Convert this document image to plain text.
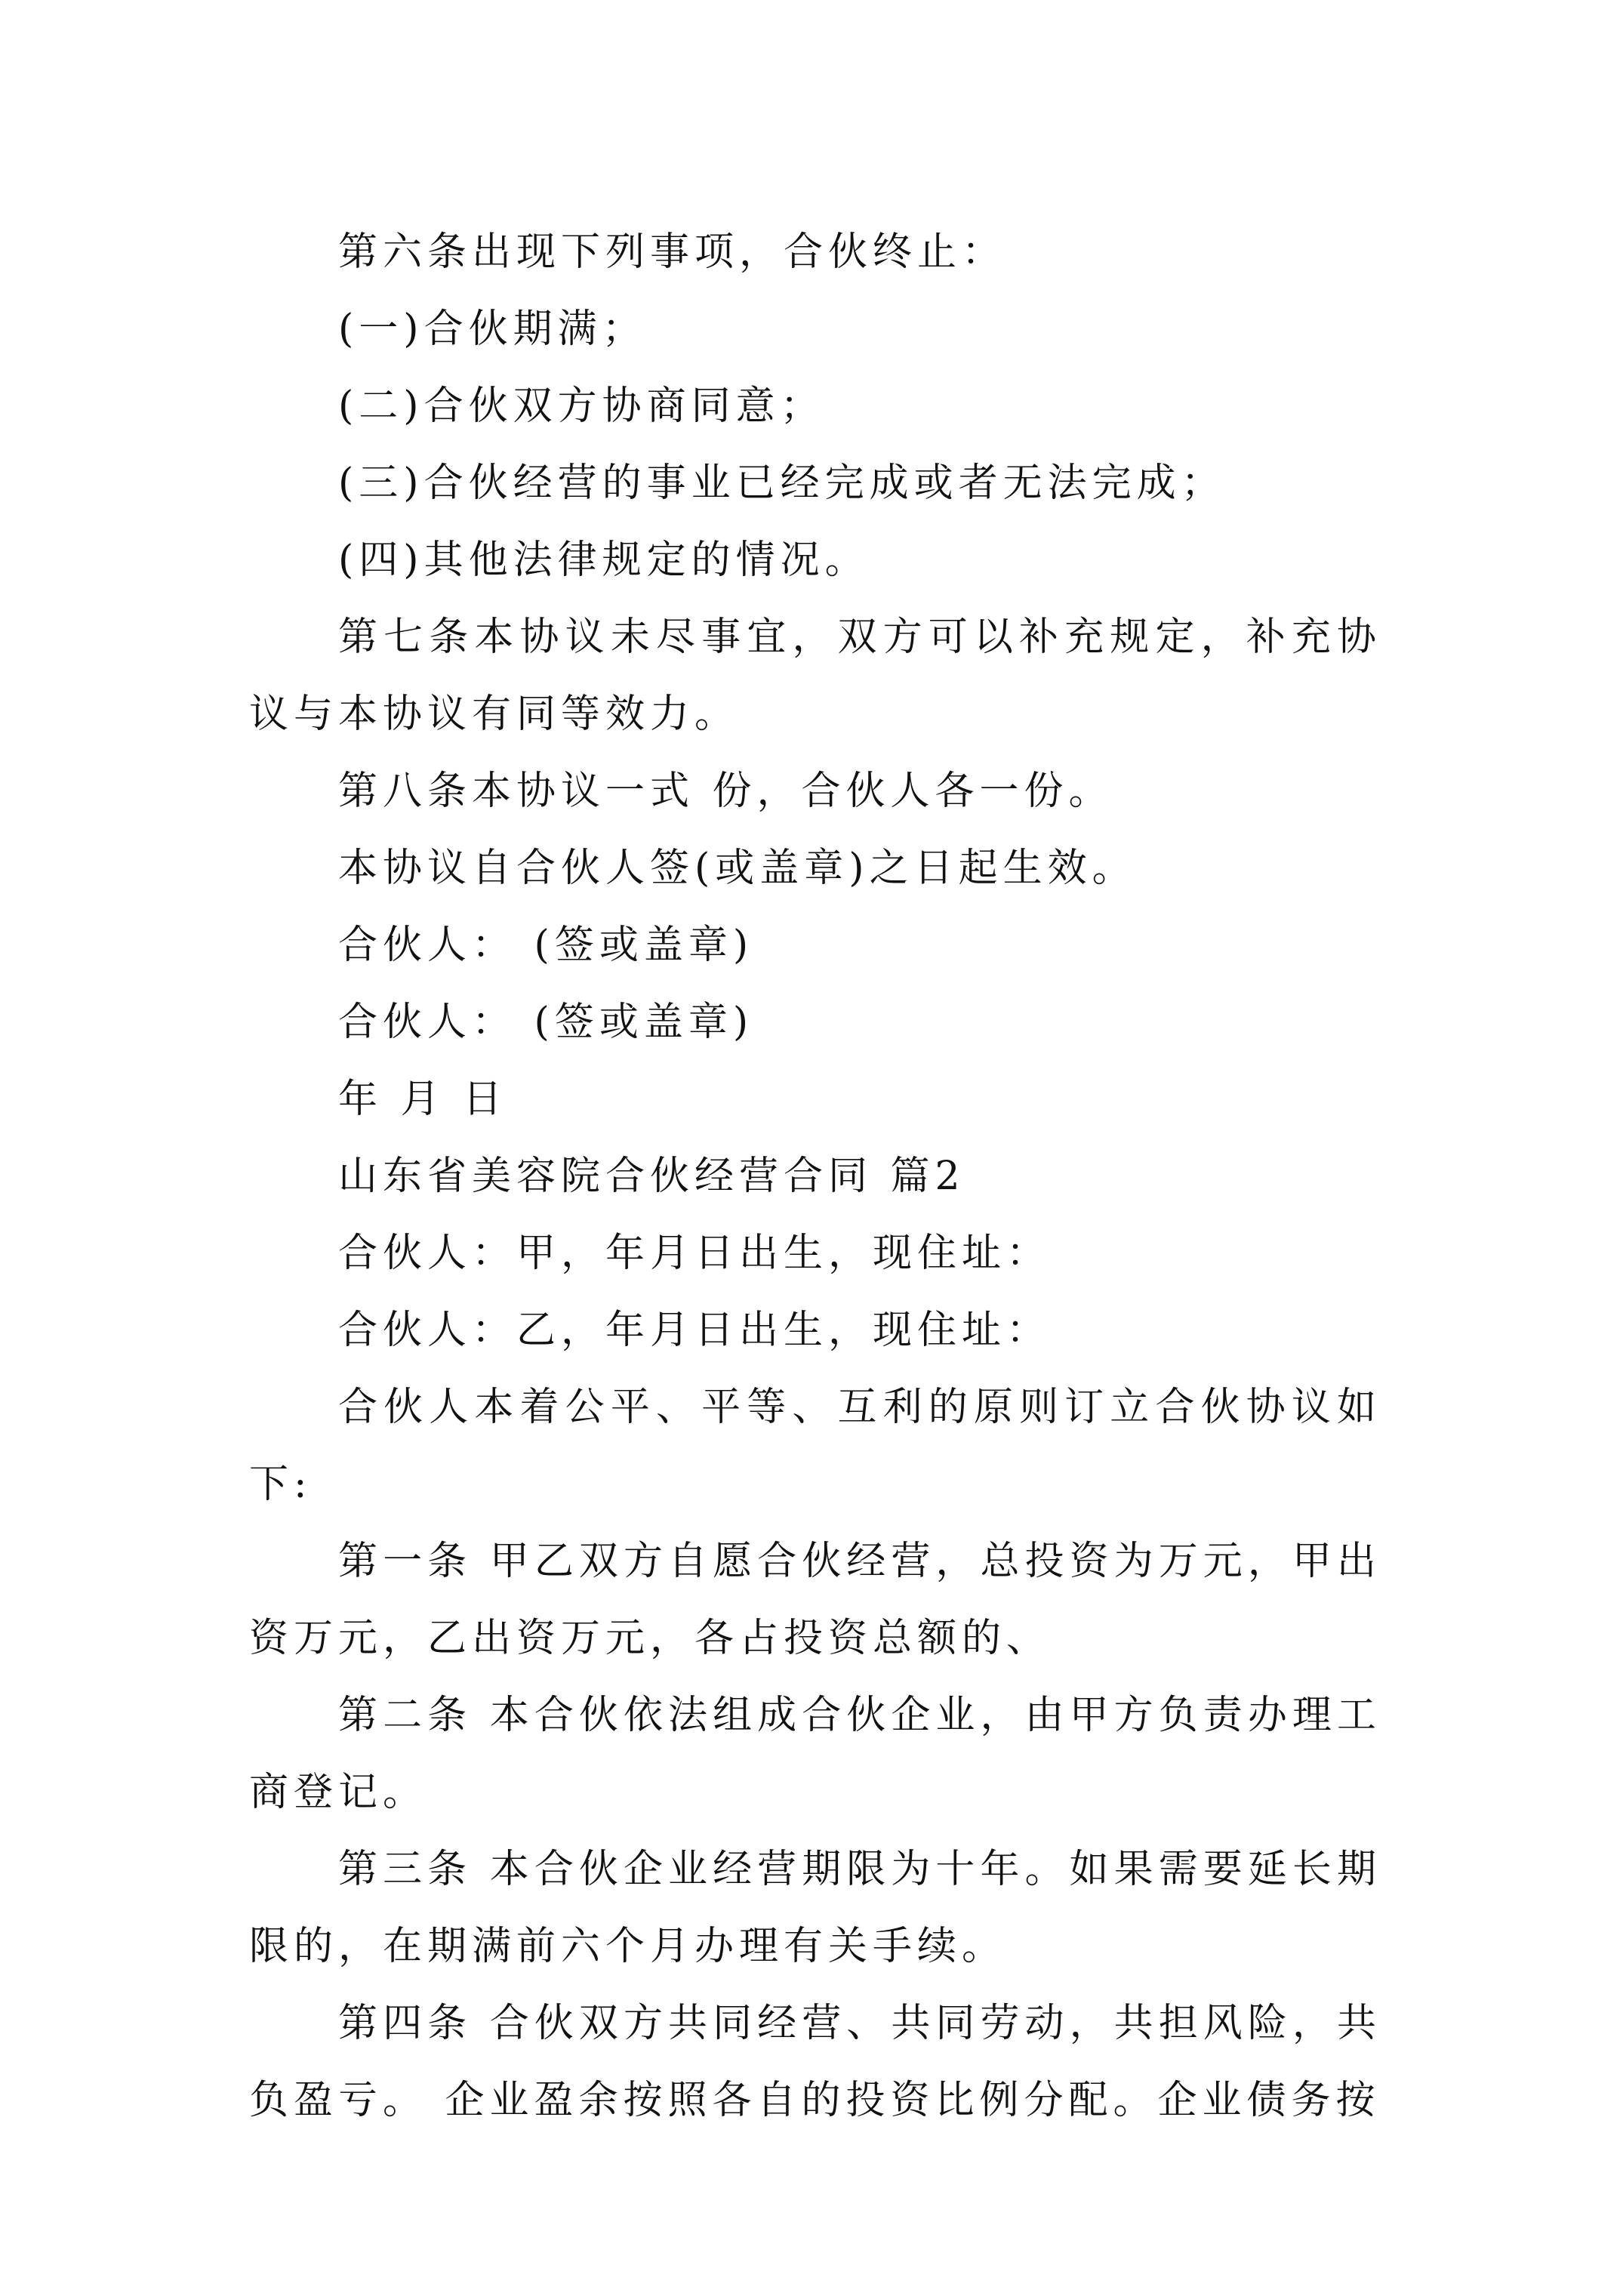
第六条出现下列事项，合伙终止：

(一)合伙期满；

(二)合伙双方协商同意；

(三)合伙经营的事业已经完成或者无法完成；

(四)其他法律规定的情况。

第七条本协议未尽事宜，双方可以补充规定，补充协议与本协议有同等效力。

第八条本协议一式 份，合伙人各一份。

本协议自合伙人签(或盖章)之日起生效。

合伙人： (签或盖章)

合伙人： (签或盖章)

年 月 日

山东省美容院合伙经营合同 篇2

合伙人：甲，年月日出生，现住址：

合伙人：乙，年月日出生，现住址：

合伙人本着公平、平等、互利的原则订立合伙协议如下:

第一条 甲乙双方自愿合伙经营，总投资为万元，甲出资万元，乙出资万元，各占投资总额的、

第二条 本合伙依法组成合伙企业，由甲方负责办理工商登记。

第三条 本合伙企业经营期限为十年。如果需要延长期限的，在期满前六个月办理有关手续。

第四条 合伙双方共同经营、共同劳动，共担风险，共负盈亏。 企业盈余按照各自的投资比例分配。企业债务按
